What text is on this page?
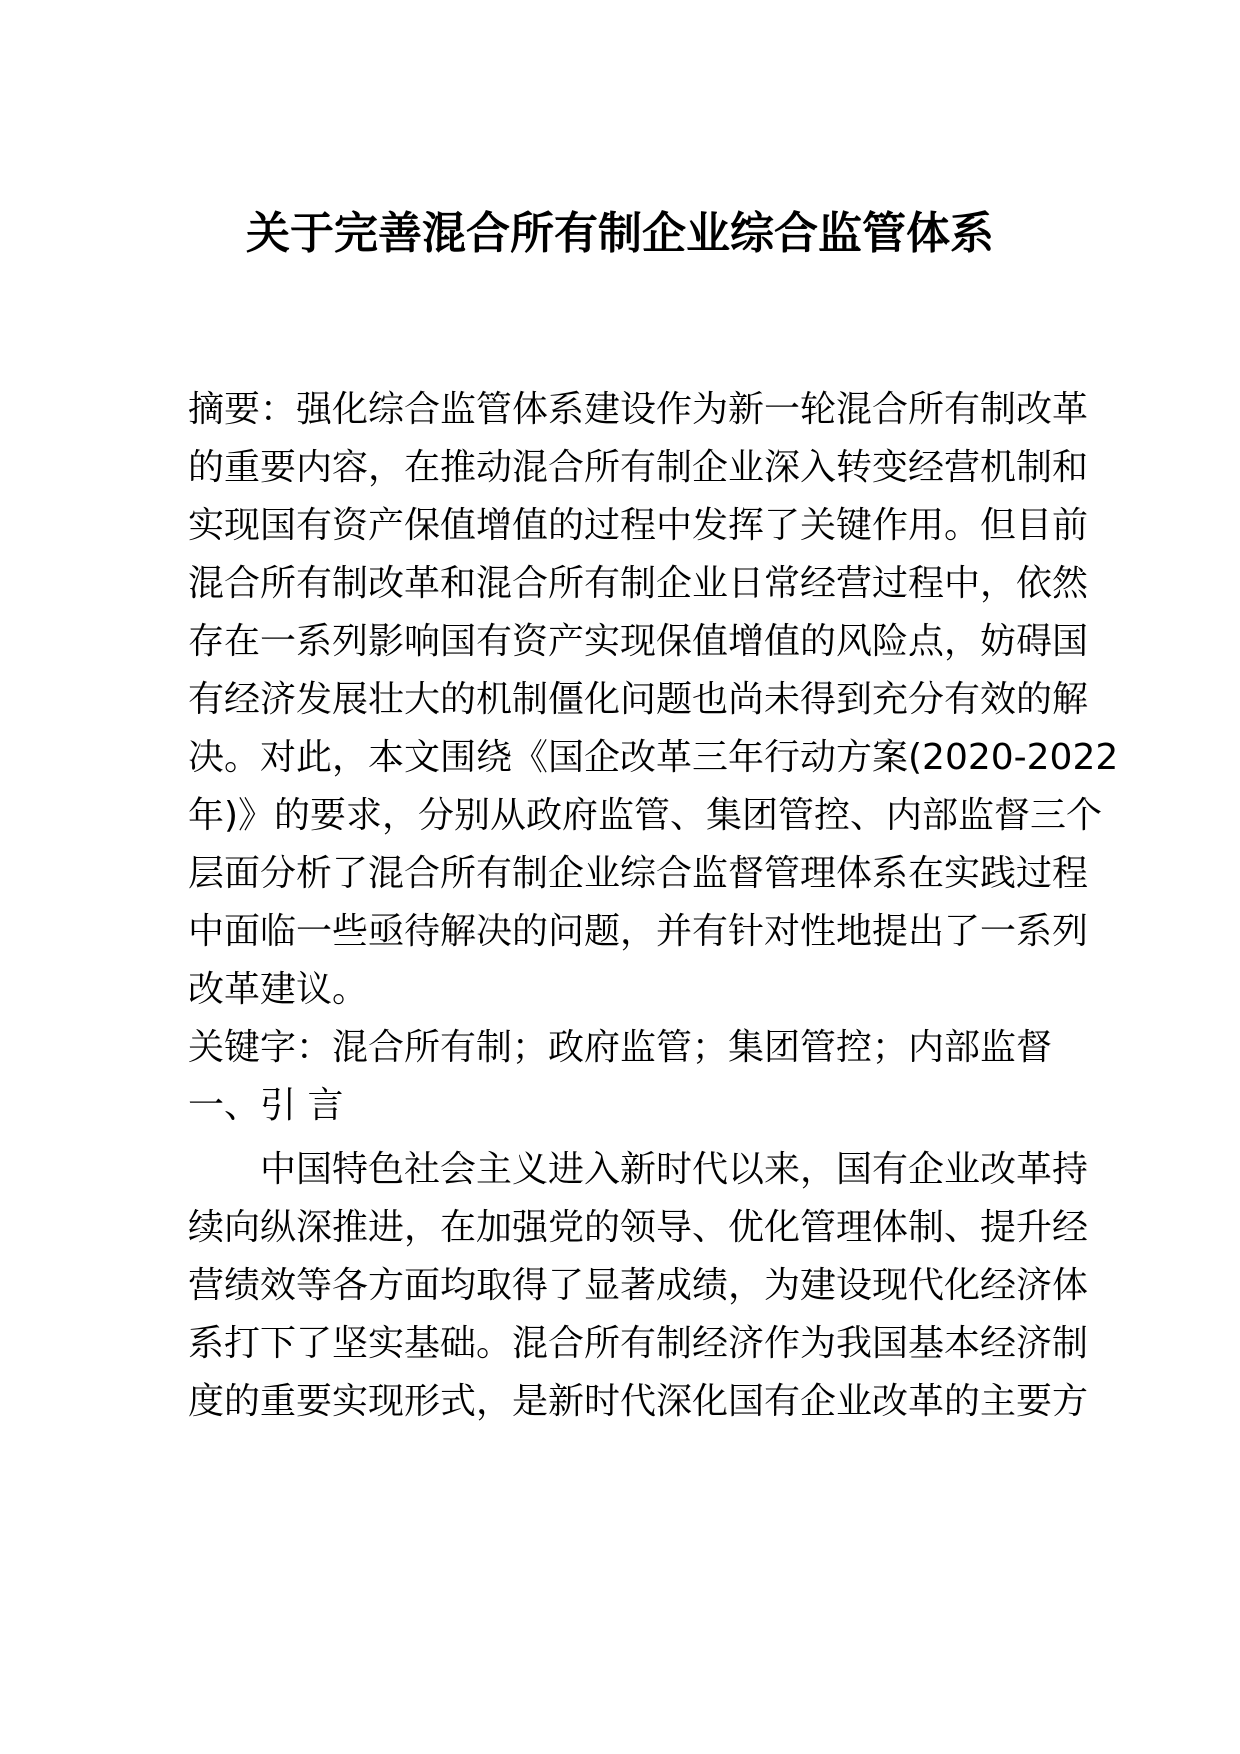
关于完善混合所有制企业综合监管体系

摘要：强化综合监管体系建设作为新一轮混合所有制改革

的重要内容，在推动混合所有制企业深入转变经营机制和

实现国有资产保值增值的过程中发挥了关键作用。但目前

混合所有制改革和混合所有制企业日常经营过程中，依然

存在一系列影响国有资产实现保值增值的风险点，妨碍国

有经济发展壮大的机制僵化问题也尚未得到充分有效的解

决。对此，本文围绕《国企改革三年行动方案(2020-2022

年)》的要求，分别从政府监管、集团管控、内部监督三个

层面分析了混合所有制企业综合监督管理体系在实践过程

中面临一些亟待解决的问题，并有针对性地提出了一系列

改革建议。

关键字：混合所有制；政府监管；集团管控；内部监督

一、引 言

中国特色社会主义进入新时代以来，国有企业改革持

续向纵深推进，在加强党的领导、优化管理体制、提升经

营绩效等各方面均取得了显著成绩，为建设现代化经济体

系打下了坚实基础。混合所有制经济作为我国基本经济制

度的重要实现形式，是新时代深化国有企业改革的主要方
